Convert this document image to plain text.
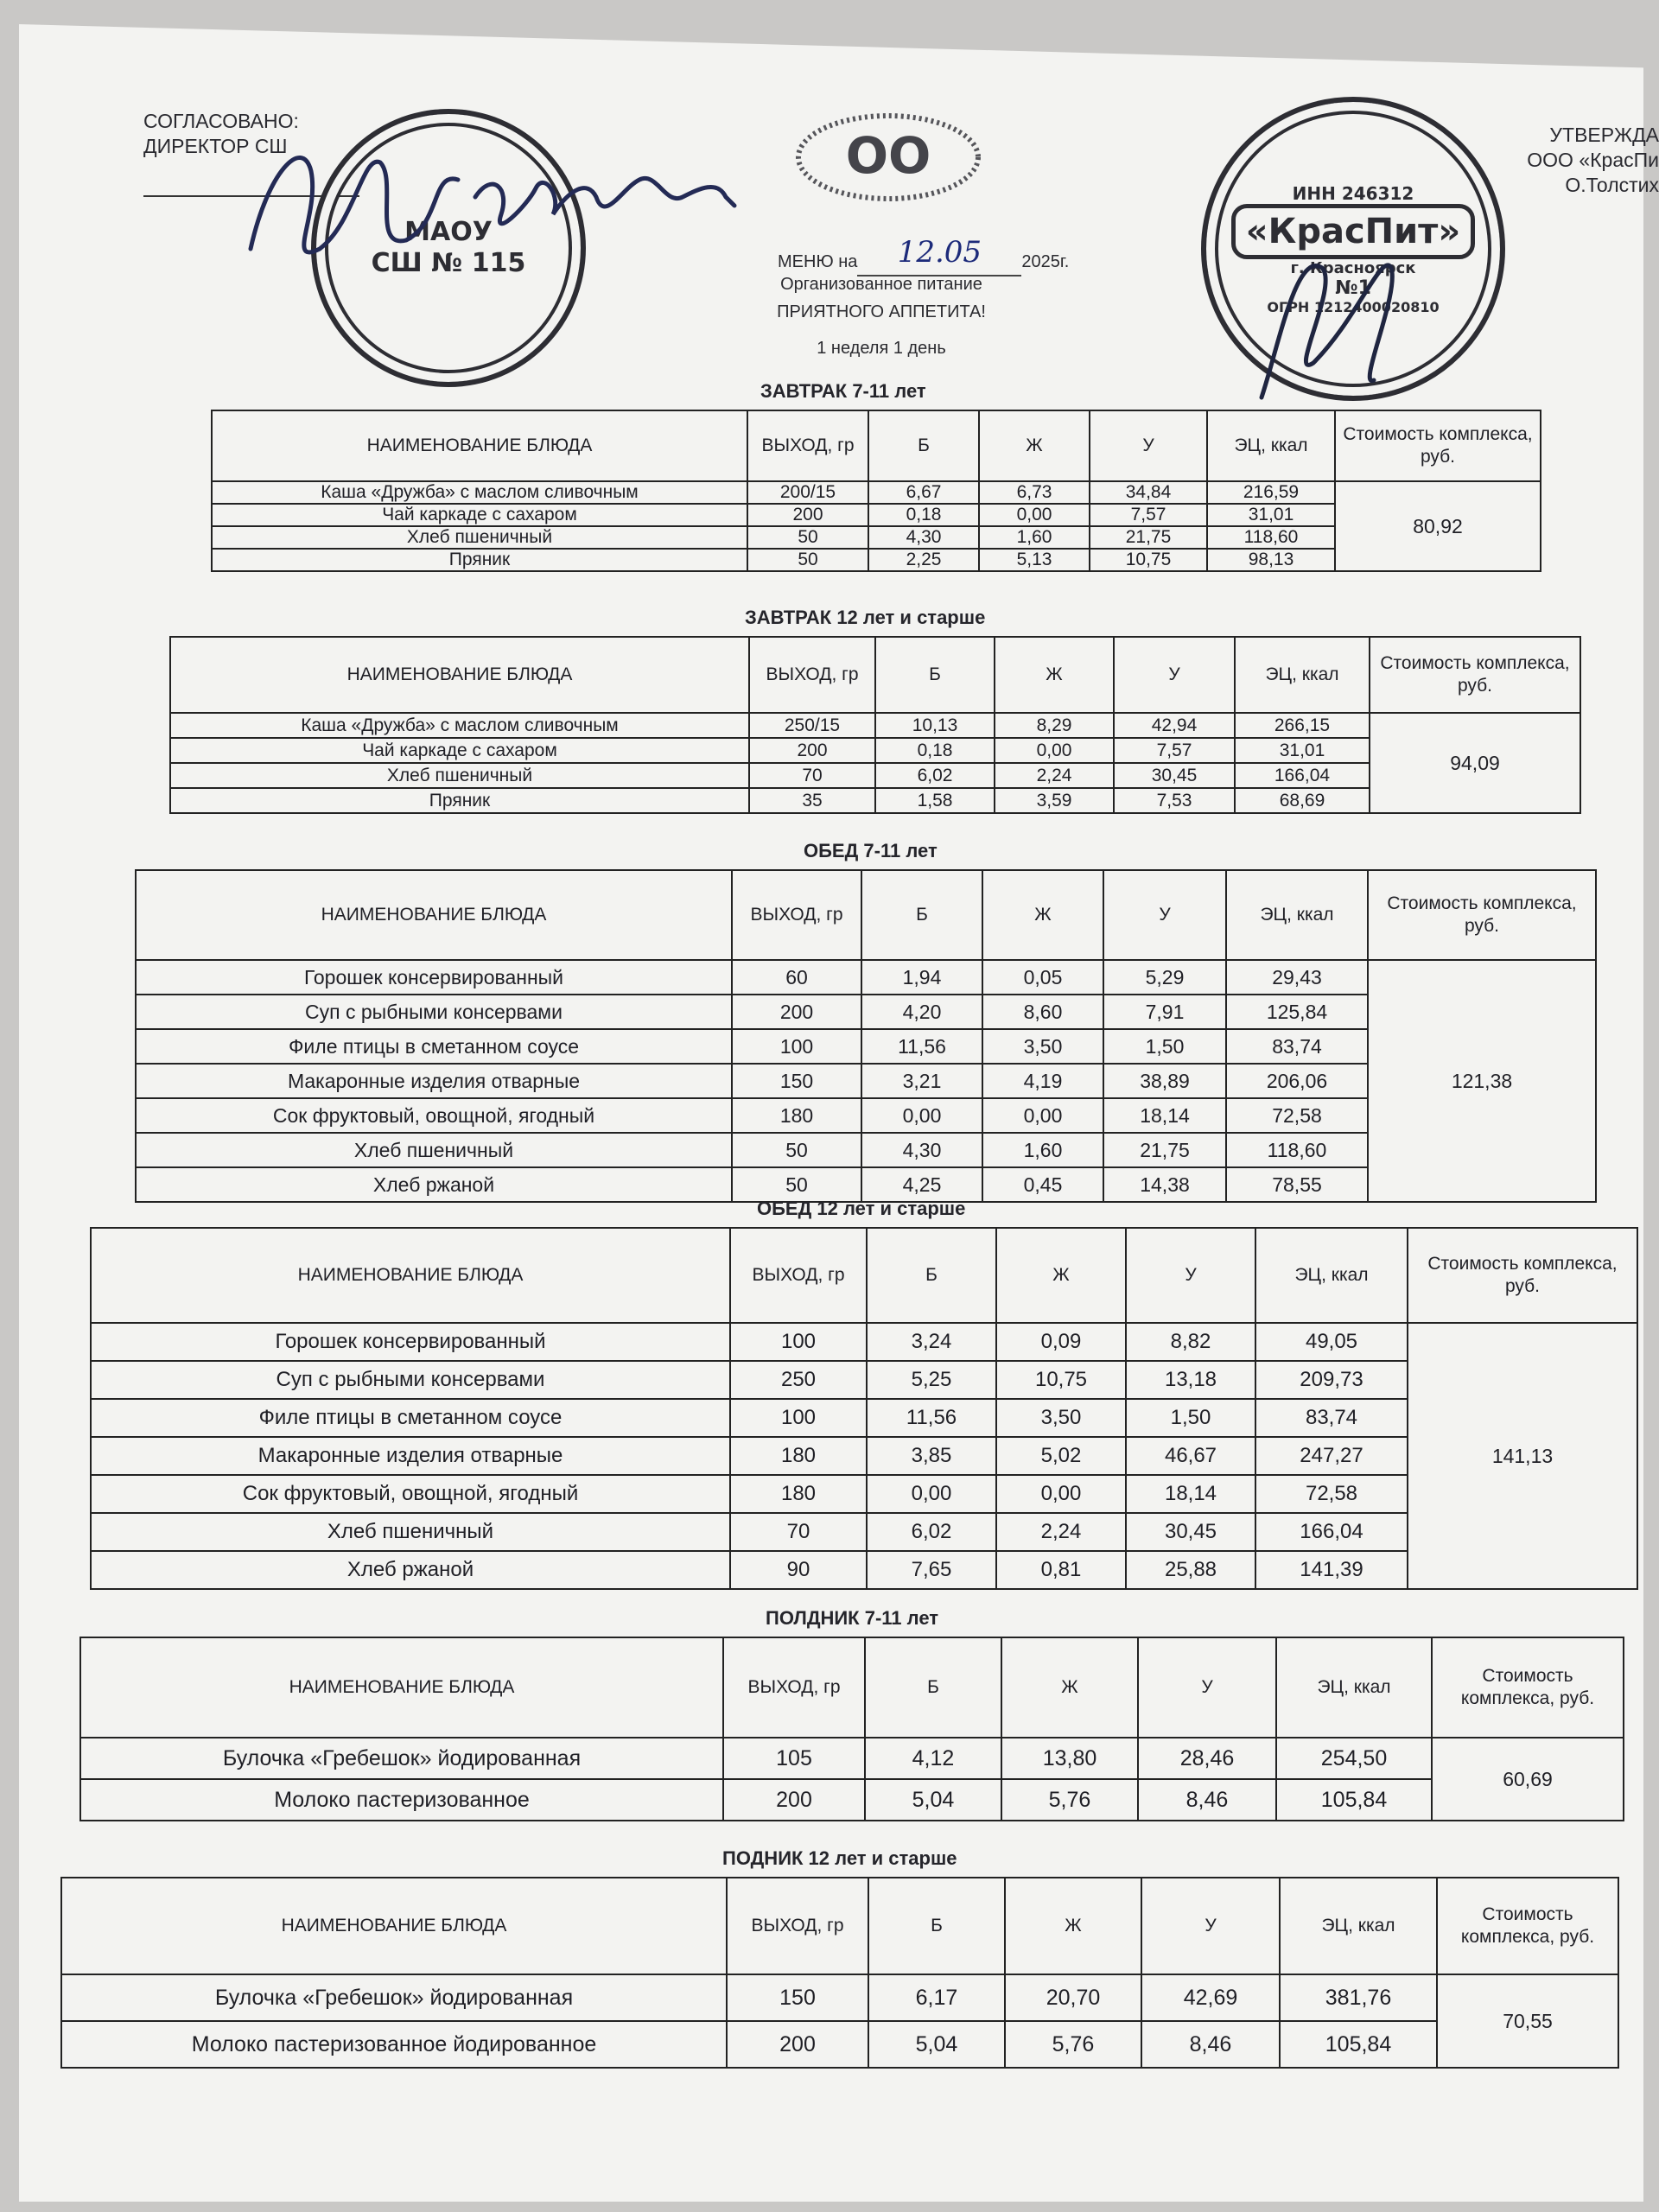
СОГЛАСОВАНО:
ДИРЕКТОР СШ	УТВЕРЖДА
ООО «КрасПи
О.Толстих
МАОУ
СШ № 115
OO
ИНН 246312
«КрасПит»
г. Красноярск
№1
ОГРН 1212400020810
МЕНЮ на 12.05 2025г.
Организованное питание
ПРИЯТНОГО АППЕТИТА!
1 неделя 1 день
ЗАВТРАК 7-11 лет
НАИМЕНОВАНИЕ БЛЮДА	ВЫХОД, гр	Б	Ж	У	ЭЦ, ккал	Стоимость комплекса, руб.
Каша «Дружба» с маслом сливочным	200/15	6,67	6,73	34,84	216,59	80,92
Чай каркаде с сахаром	200	0,18	0,00	7,57	31,01	
Хлеб пшеничный	50	4,30	1,60	21,75	118,60	
Пряник	50	2,25	5,13	10,75	98,13	
ЗАВТРАК 12 лет и старше
НАИМЕНОВАНИЕ БЛЮДА	ВЫХОД, гр	Б	Ж	У	ЭЦ, ккал	Стоимость комплекса, руб.
Каша «Дружба» с маслом сливочным	250/15	10,13	8,29	42,94	266,15	94,09
Чай каркаде с сахаром	200	0,18	0,00	7,57	31,01	
Хлеб пшеничный	70	6,02	2,24	30,45	166,04	
Пряник	35	1,58	3,59	7,53	68,69	
ОБЕД 7-11 лет
НАИМЕНОВАНИЕ БЛЮДА	ВЫХОД, гр	Б	Ж	У	ЭЦ, ккал	Стоимость комплекса, руб.
Горошек консервированный	60	1,94	0,05	5,29	29,43	121,38
Суп с рыбными консервами	200	4,20	8,60	7,91	125,84	
Филе птицы в сметанном соусе	100	11,56	3,50	1,50	83,74	
Макаронные изделия отварные	150	3,21	4,19	38,89	206,06	
Сок фруктовый, овощной, ягодный	180	0,00	0,00	18,14	72,58	
Хлеб пшеничный	50	4,30	1,60	21,75	118,60	
Хлеб ржаной	50	4,25	0,45	14,38	78,55	
ОБЕД 12 лет и старше
НАИМЕНОВАНИЕ БЛЮДА	ВЫХОД, гр	Б	Ж	У	ЭЦ, ккал	Стоимость комплекса, руб.
Горошек консервированный	100	3,24	0,09	8,82	49,05	141,13
Суп с рыбными консервами	250	5,25	10,75	13,18	209,73	
Филе птицы в сметанном соусе	100	11,56	3,50	1,50	83,74	
Макаронные изделия отварные	180	3,85	5,02	46,67	247,27	
Сок фруктовый, овощной, ягодный	180	0,00	0,00	18,14	72,58	
Хлеб пшеничный	70	6,02	2,24	30,45	166,04	
Хлеб ржаной	90	7,65	0,81	25,88	141,39	
ПОЛДНИК 7-11 лет
НАИМЕНОВАНИЕ БЛЮДА	ВЫХОД, гр	Б	Ж	У	ЭЦ, ккал	Стоимость комплекса, руб.
Булочка «Гребешок» йодированная	105	4,12	13,80	28,46	254,50	60,69
Молоко пастеризованное	200	5,04	5,76	8,46	105,84	
ПОДНИК 12 лет и старше
НАИМЕНОВАНИЕ БЛЮДА	ВЫХОД, гр	Б	Ж	У	ЭЦ, ккал	Стоимость комплекса, руб.
Булочка «Гребешок» йодированная	150	6,17	20,70	42,69	381,76	70,55
Молоко пастеризованное йодированное	200	5,04	5,76	8,46	105,84	
